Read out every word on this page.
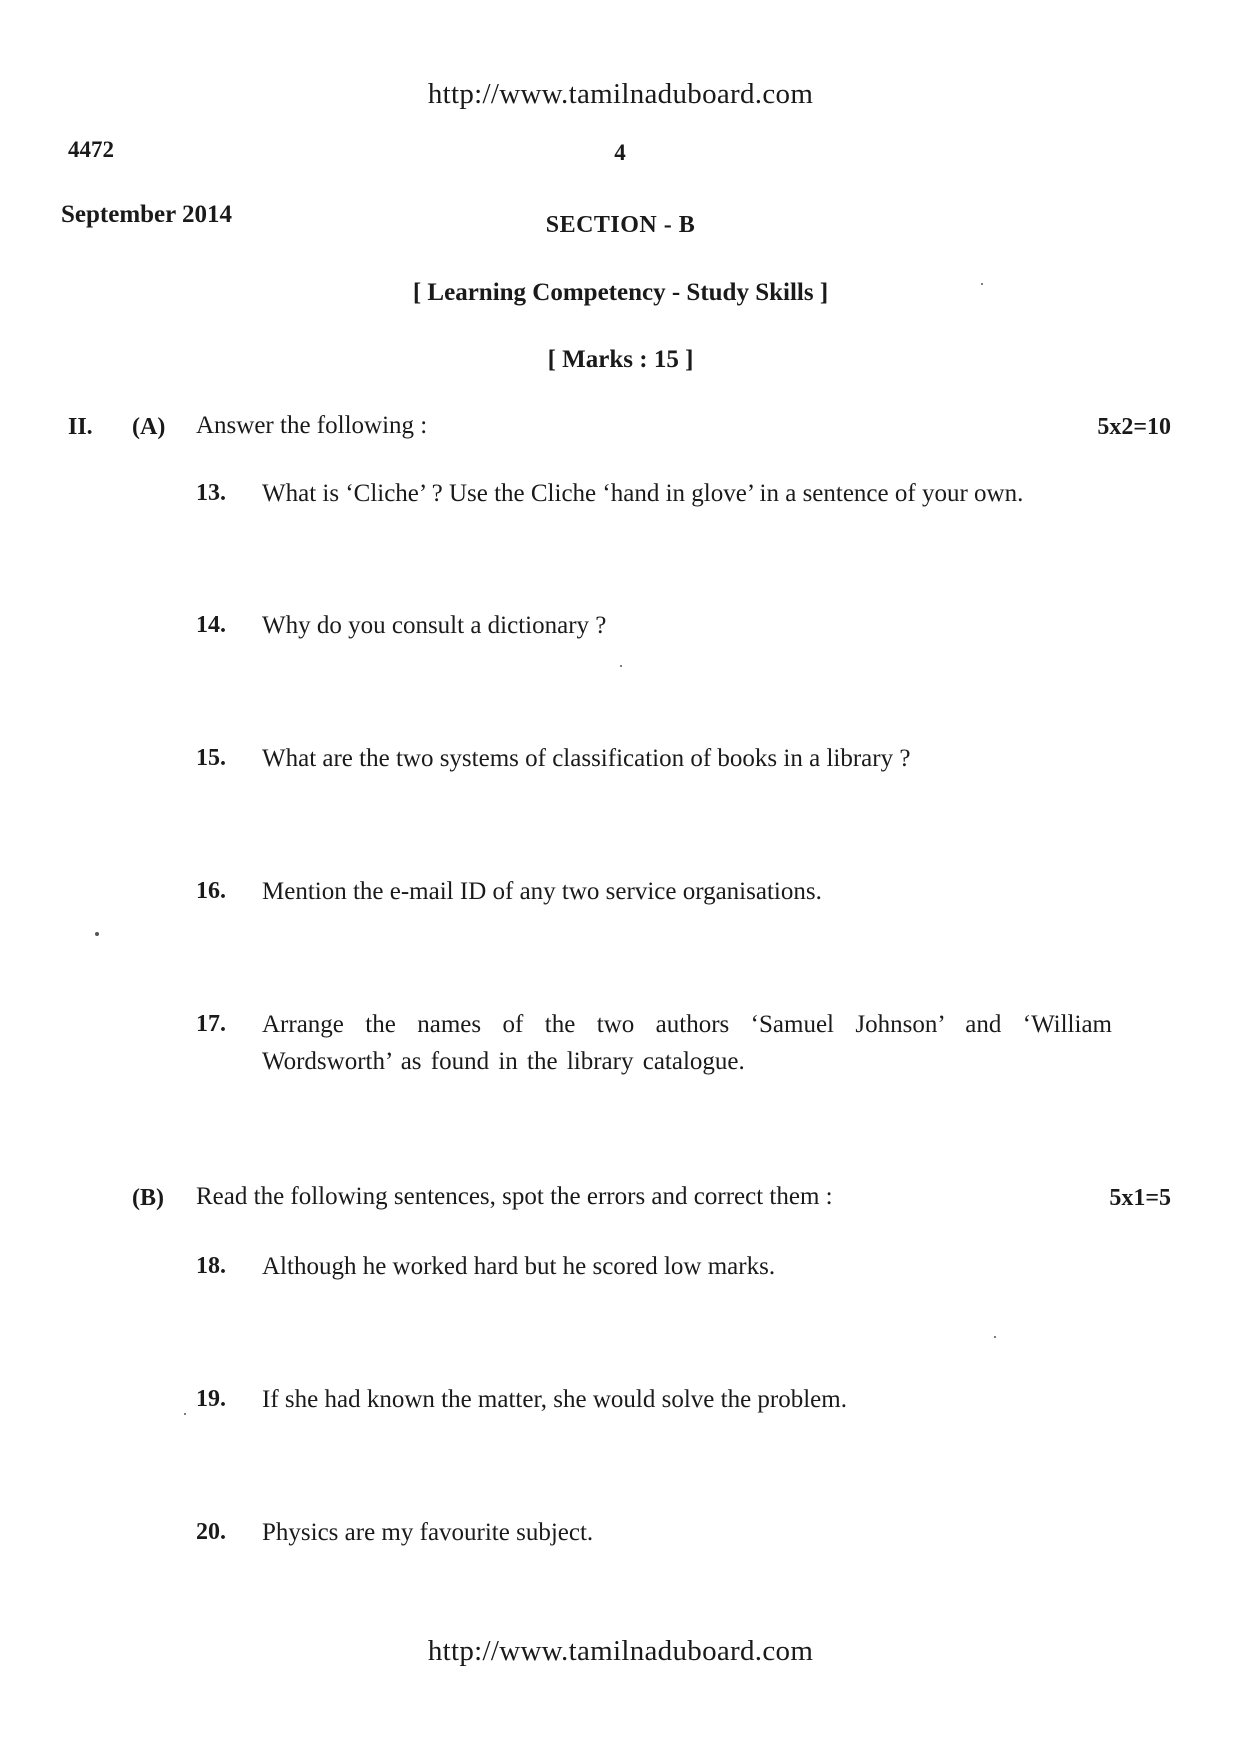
http://www.tamilnaduboard.com
4472	4
September 2014	SECTION - B
[ Learning Competency - Study Skills ]
[ Marks : 15 ]
II. (A) Answer the following :	5x2=10
13. What is ‘Cliche’ ? Use the Cliche ‘hand in glove’ in a sentence of your own.
14. Why do you consult a dictionary ?
15. What are the two systems of classification of books in a library ?
16. Mention the e-mail ID of any two service organisations.
17. Arrange the names of the two authors ‘Samuel Johnson’ and ‘William Wordsworth’ as found in the library catalogue.
(B) Read the following sentences, spot the errors and correct them :	5x1=5
18. Although he worked hard but he scored low marks.
19. If she had known the matter, she would solve the problem.
20. Physics are my favourite subject.
http://www.tamilnaduboard.com
